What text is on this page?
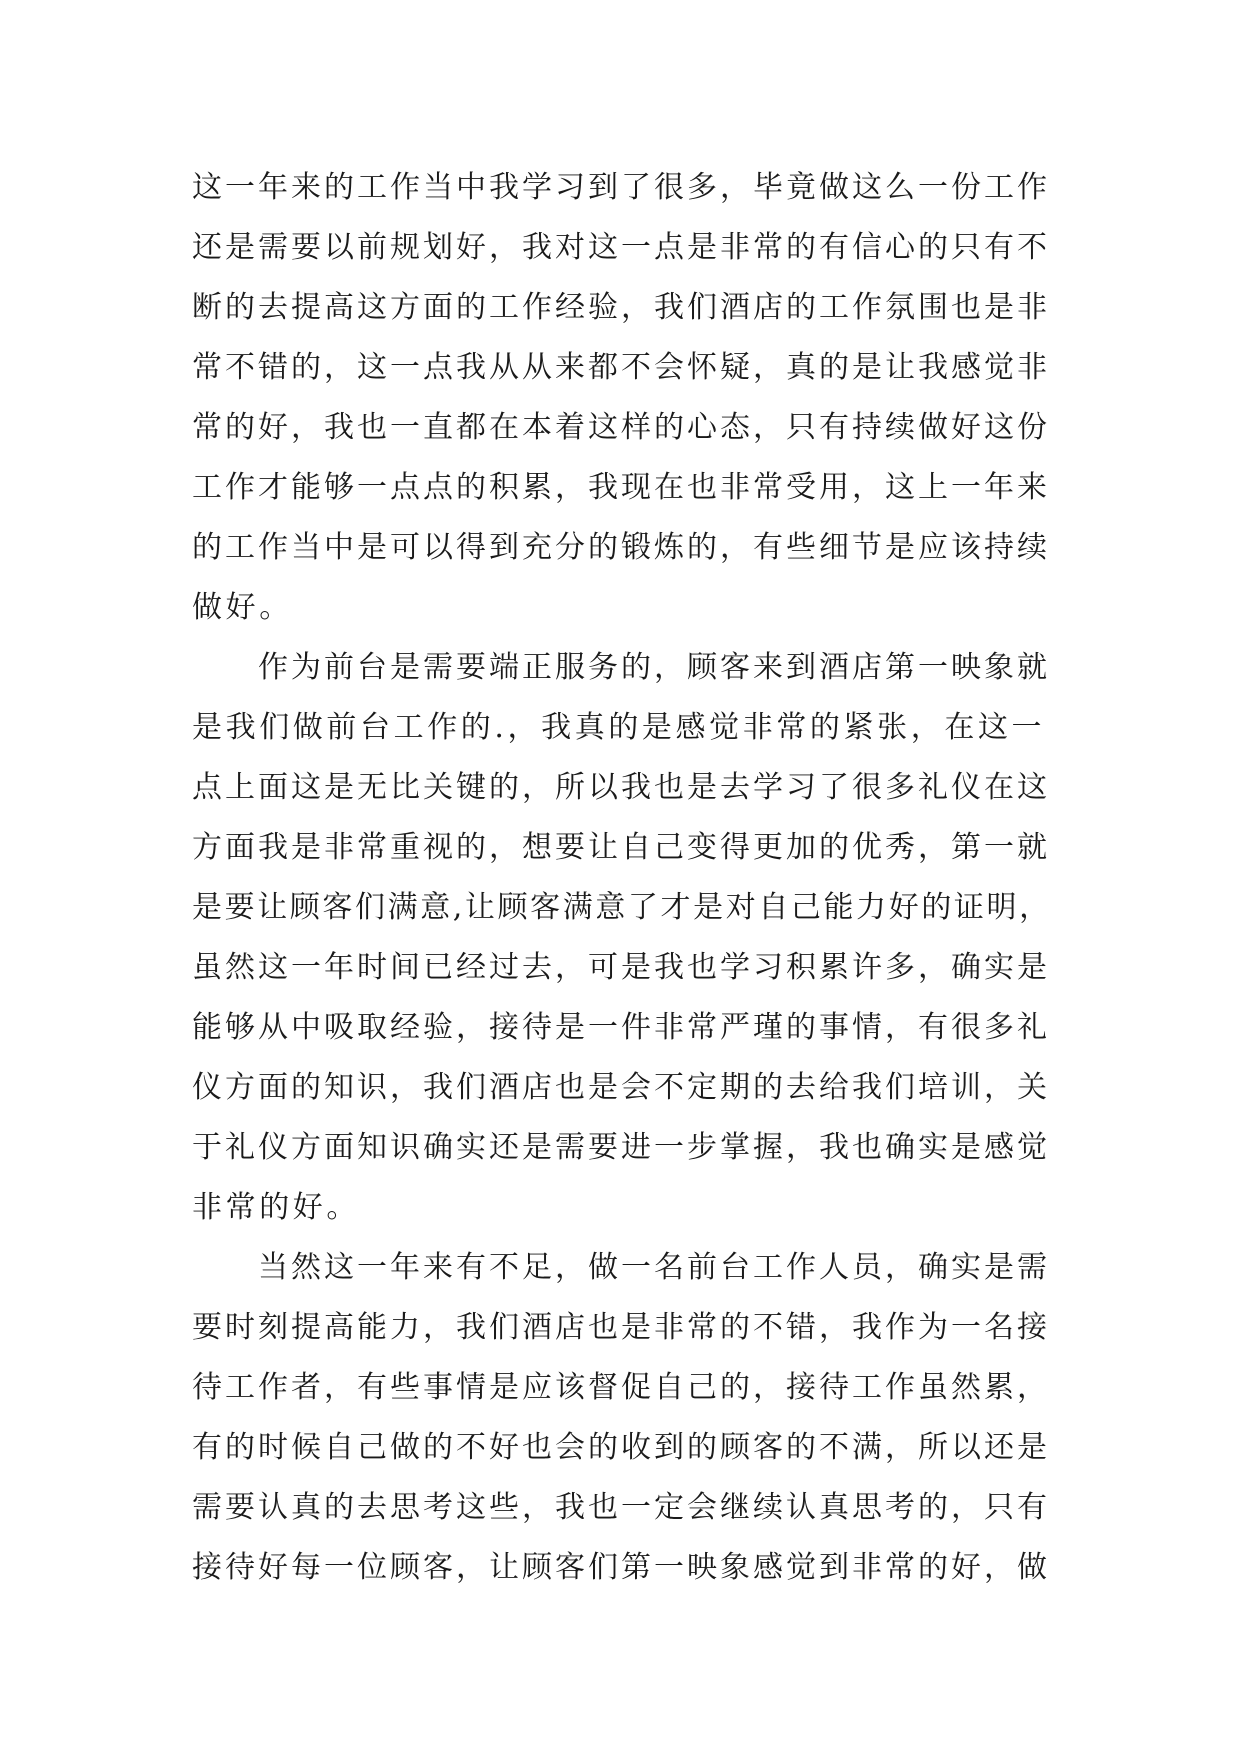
这一年来的工作当中我学习到了很多，毕竟做这么一份工作
还是需要以前规划好，我对这一点是非常的有信心的只有不
断的去提高这方面的工作经验，我们酒店的工作氛围也是非
常不错的，这一点我从从来都不会怀疑，真的是让我感觉非
常的好，我也一直都在本着这样的心态，只有持续做好这份
工作才能够一点点的积累，我现在也非常受用，这上一年来
的工作当中是可以得到充分的锻炼的，有些细节是应该持续
做好。
　　作为前台是需要端正服务的，顾客来到酒店第一映象就
是我们做前台工作的.，我真的是感觉非常的紧张，在这一
点上面这是无比关键的，所以我也是去学习了很多礼仪在这
方面我是非常重视的，想要让自己变得更加的优秀，第一就
是要让顾客们满意,让顾客满意了才是对自己能力好的证明，
虽然这一年时间已经过去，可是我也学习积累许多，确实是
能够从中吸取经验，接待是一件非常严瑾的事情，有很多礼
仪方面的知识，我们酒店也是会不定期的去给我们培训，关
于礼仪方面知识确实还是需要进一步掌握，我也确实是感觉
非常的好。
　　当然这一年来有不足，做一名前台工作人员，确实是需
要时刻提高能力，我们酒店也是非常的不错，我作为一名接
待工作者，有些事情是应该督促自己的，接待工作虽然累，
有的时候自己做的不好也会的收到的顾客的不满，所以还是
需要认真的去思考这些，我也一定会继续认真思考的，只有
接待好每一位顾客，让顾客们第一映象感觉到非常的好，做
